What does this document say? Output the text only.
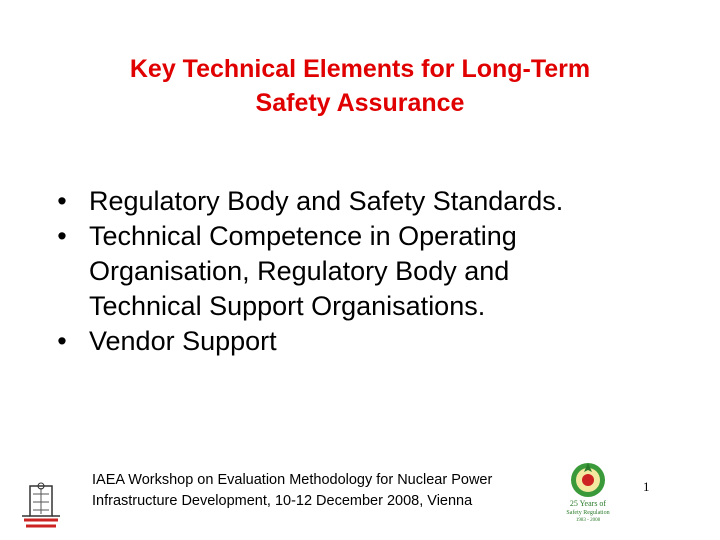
Key Technical Elements for Long-Term
Safety Assurance
• Regulatory Body and Safety Standards.
• Technical Competence in Operating
Organisation, Regulatory Body and
Technical Support Organisations.
• Vendor Support
IAEA Workshop on Evaluation Methodology for Nuclear Power
Infrastructure Development, 10-12 December 2008, Vienna	25 Years of
Safety Regulation
1983 - 2008
1
